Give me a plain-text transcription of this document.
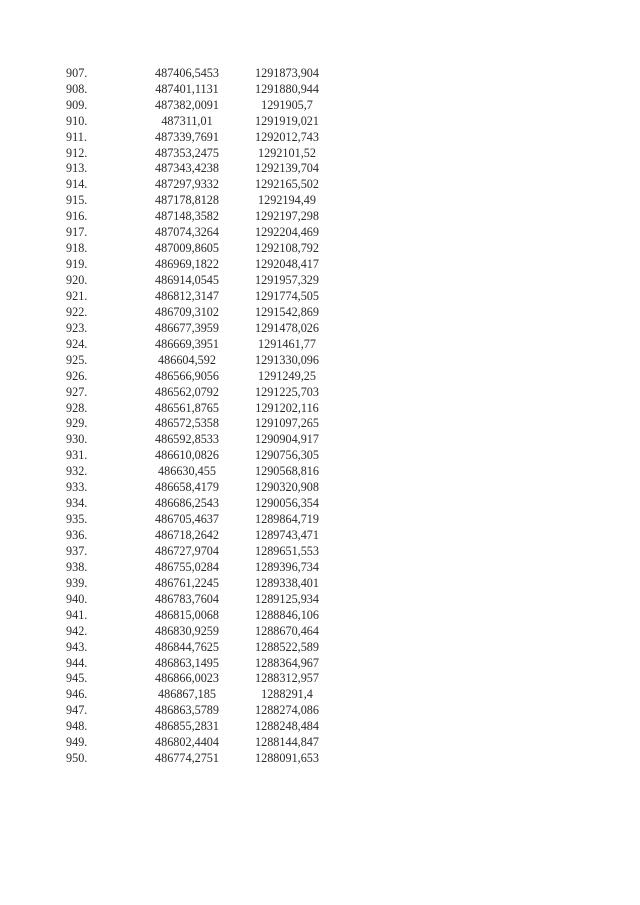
907.	487406,5453	1291873,904
908.	487401,1131	1291880,944
909.	487382,0091	1291905,7
910.	487311,01	1291919,021
911.	487339,7691	1292012,743
912.	487353,2475	1292101,52
913.	487343,4238	1292139,704
914.	487297,9332	1292165,502
915.	487178,8128	1292194,49
916.	487148,3582	1292197,298
917.	487074,3264	1292204,469
918.	487009,8605	1292108,792
919.	486969,1822	1292048,417
920.	486914,0545	1291957,329
921.	486812,3147	1291774,505
922.	486709,3102	1291542,869
923.	486677,3959	1291478,026
924.	486669,3951	1291461,77
925.	486604,592	1291330,096
926.	486566,9056	1291249,25
927.	486562,0792	1291225,703
928.	486561,8765	1291202,116
929.	486572,5358	1291097,265
930.	486592,8533	1290904,917
931.	486610,0826	1290756,305
932.	486630,455	1290568,816
933.	486658,4179	1290320,908
934.	486686,2543	1290056,354
935.	486705,4637	1289864,719
936.	486718,2642	1289743,471
937.	486727,9704	1289651,553
938.	486755,0284	1289396,734
939.	486761,2245	1289338,401
940.	486783,7604	1289125,934
941.	486815,0068	1288846,106
942.	486830,9259	1288670,464
943.	486844,7625	1288522,589
944.	486863,1495	1288364,967
945.	486866,0023	1288312,957
946.	486867,185	1288291,4
947.	486863,5789	1288274,086
948.	486855,2831	1288248,484
949.	486802,4404	1288144,847
950.	486774,2751	1288091,653
